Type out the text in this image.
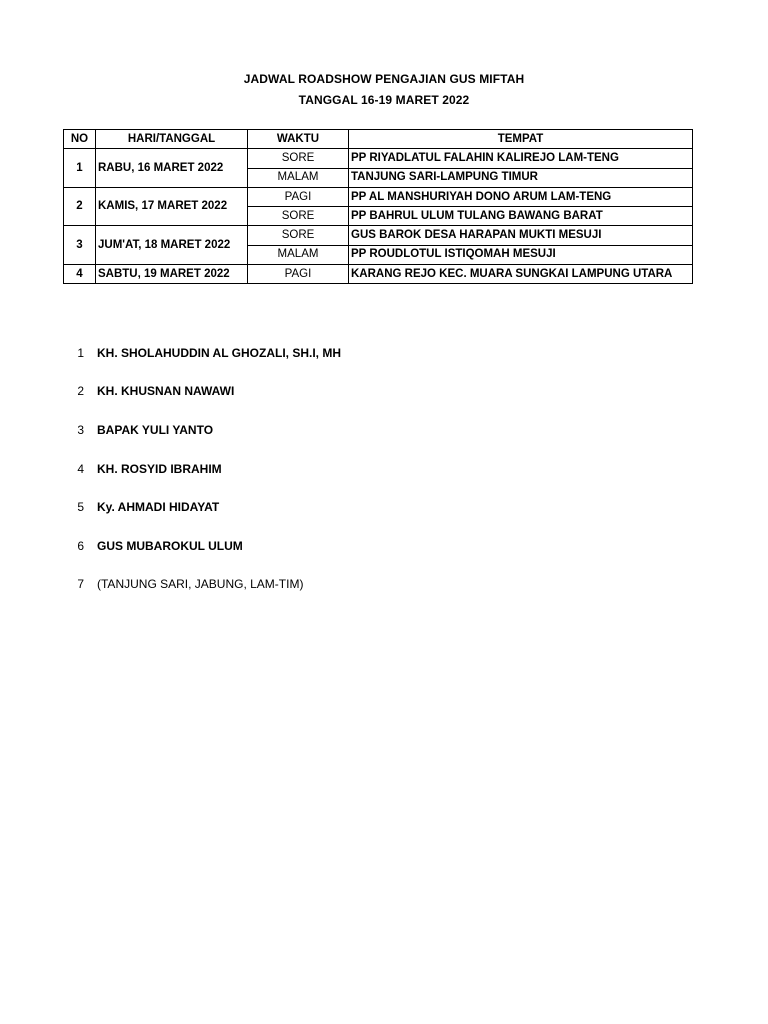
JADWAL ROADSHOW PENGAJIAN GUS MIFTAH
TANGGAL 16-19 MARET 2022
NO	HARI/TANGGAL	WAKTU	TEMPAT
1	RABU, 16 MARET 2022	SORE	PP RIYADLATUL FALAHIN KALIREJO LAM-TENG
		MALAM	TANJUNG SARI-LAMPUNG TIMUR
2	KAMIS, 17 MARET 2022	PAGI	PP AL MANSHURIYAH DONO ARUM LAM-TENG
		SORE	PP BAHRUL ULUM TULANG BAWANG BARAT
3	JUM'AT, 18 MARET 2022	SORE	GUS BAROK DESA HARAPAN MUKTI MESUJI
		MALAM	PP ROUDLOTUL ISTIQOMAH MESUJI
4	SABTU, 19 MARET 2022	PAGI	KARANG REJO KEC. MUARA SUNGKAI LAMPUNG UTARA
1 KH. SHOLAHUDDIN AL GHOZALI, SH.I, MH
2 KH. KHUSNAN NAWAWI
3 BAPAK YULI YANTO
4 KH. ROSYID IBRAHIM
5 Ky. AHMADI HIDAYAT
6 GUS MUBAROKUL ULUM
7 (TANJUNG SARI, JABUNG, LAM-TIM)
